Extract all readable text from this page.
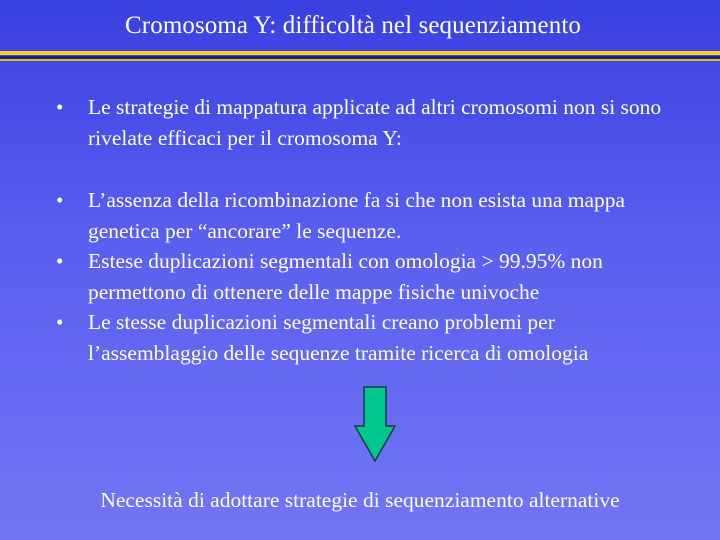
Cromosoma Y: difficoltà nel sequenziamento
•	Le strategie di mappatura applicate ad altri cromosomi non si sono rivelate efficaci per il cromosoma Y:
•	L’assenza della ricombinazione fa si che non esista una mappa genetica per “ancorare” le sequenze.
•	Estese duplicazioni segmentali con omologia > 99.95% non permettono di ottenere delle mappe fisiche univoche
•	Le stesse duplicazioni segmentali creano problemi per l’assemblaggio delle sequenze tramite ricerca di omologia
Necessità di adottare strategie di sequenziamento alternative
